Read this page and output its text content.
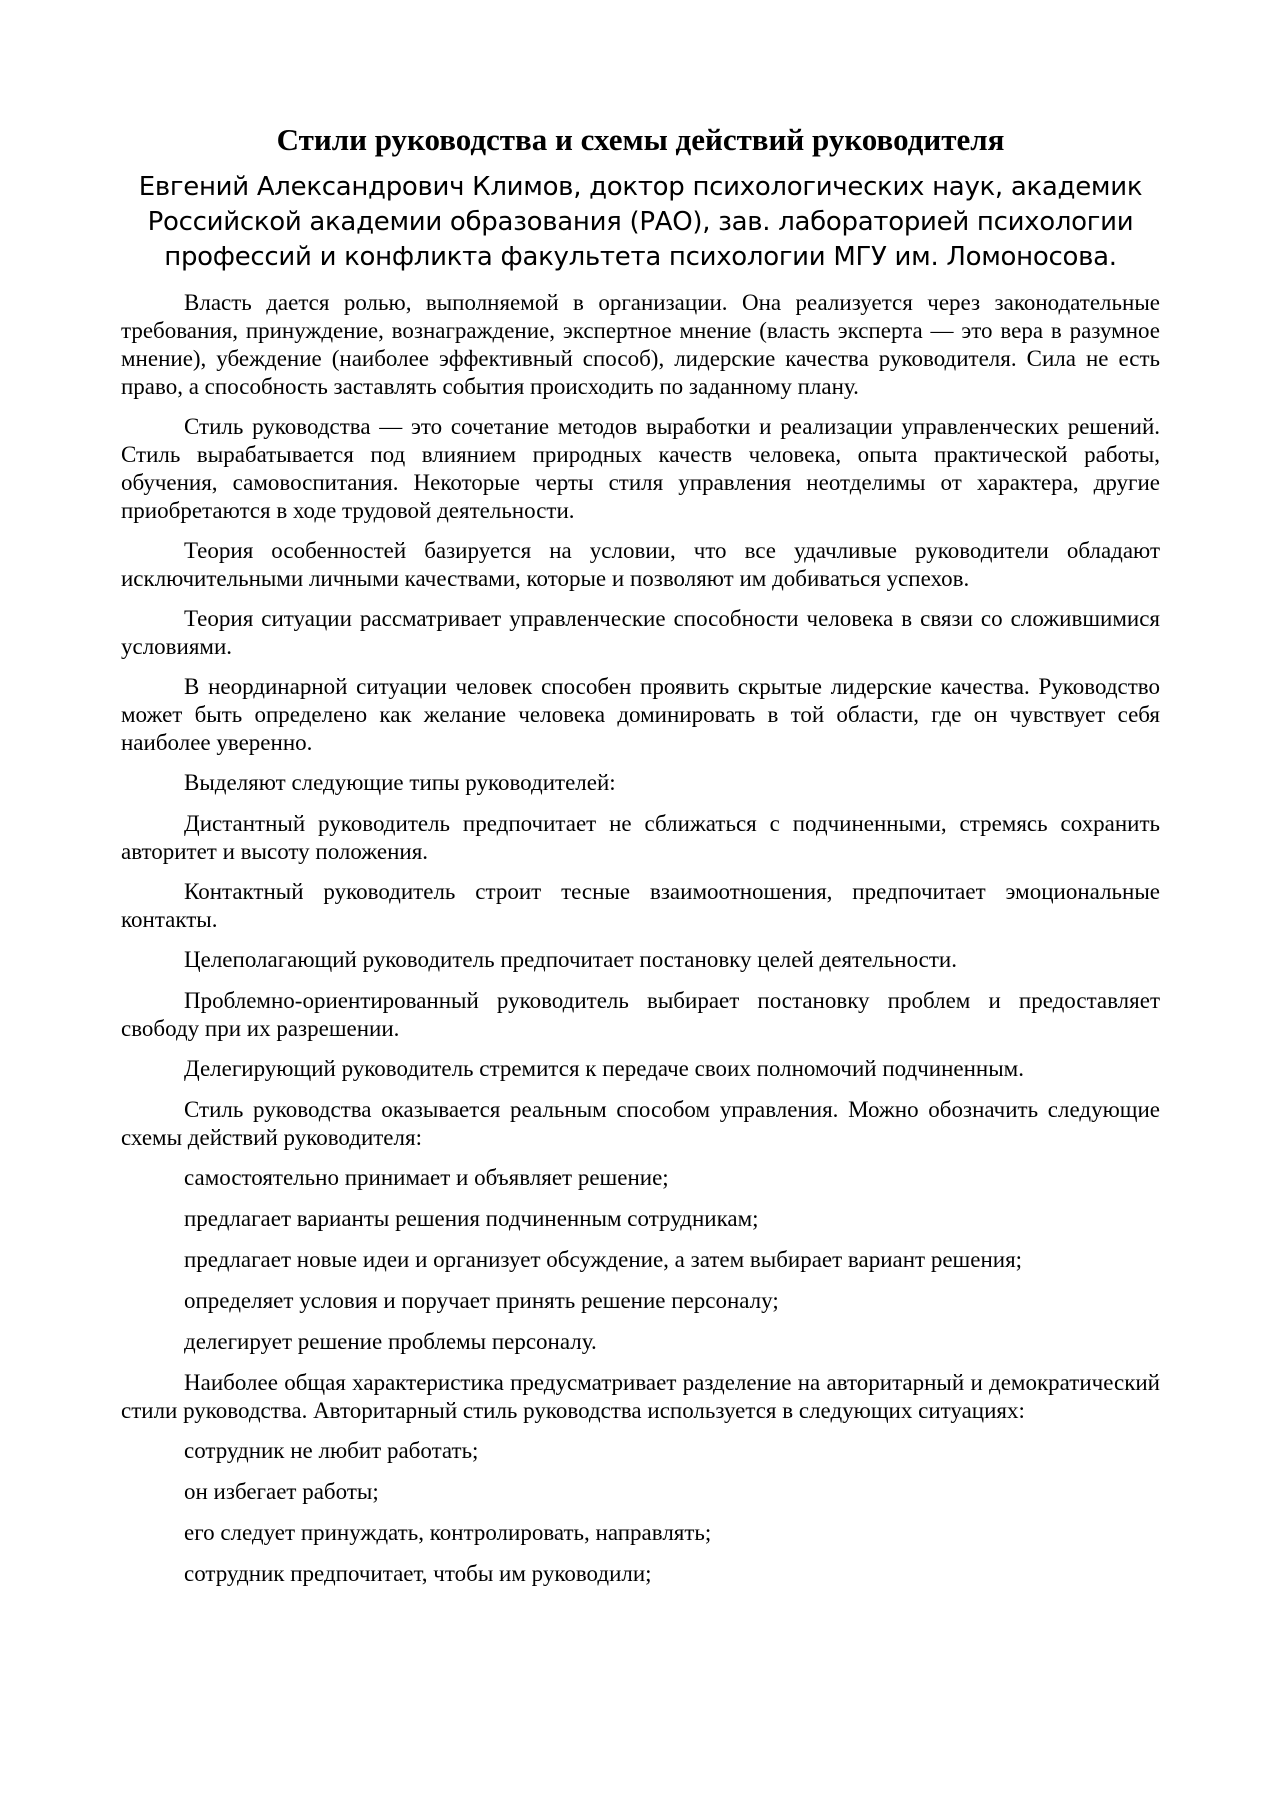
Стили руководства и схемы действий руководителя
Евгений Александрович Климов, доктор психологических наук, академик
Российской академии образования (РАО), зав. лабораторией психологии
профессий и конфликта факультета психологии МГУ им. Ломоносова.

Власть дается ролью, выполняемой в организации. Она реализуется через законодательные требования, принуждение, вознаграждение, экспертное мнение (власть эксперта — это вера в разумное мнение), убеждение (наиболее эффективный способ), лидерские качества руководителя. Сила не есть право, а способность заставлять события происходить по заданному плану.

Стиль руководства — это сочетание методов выработки и реализации управленческих решений. Стиль вырабатывается под влиянием природных качеств человека, опыта практической работы, обучения, самовоспитания. Некоторые черты стиля управления неотделимы от характера, другие приобретаются в ходе трудовой деятельности.

Теория особенностей базируется на условии, что все удачливые руководители обладают исключительными личными качествами, которые и позволяют им добиваться успехов.

Теория ситуации рассматривает управленческие способности человека в связи со сложившимися условиями.

В неординарной ситуации человек способен проявить скрытые лидерские качества. Руководство может быть определено как желание человека доминировать в той области, где он чувствует себя наиболее уверенно.

Выделяют следующие типы руководителей:

Дистантный руководитель предпочитает не сближаться с подчиненными, стремясь сохранить авторитет и высоту положения.

Контактный руководитель строит тесные взаимоотношения, предпочитает эмоциональные контакты.

Целеполагающий руководитель предпочитает постановку целей деятельности.

Проблемно-ориентированный руководитель выбирает постановку проблем и предоставляет свободу при их разрешении.

Делегирующий руководитель стремится к передаче своих полномочий подчиненным.

Стиль руководства оказывается реальным способом управления. Можно обозначить следующие схемы действий руководителя:

самостоятельно принимает и объявляет решение;

предлагает варианты решения подчиненным сотрудникам;

предлагает новые идеи и организует обсуждение, а затем выбирает вариант решения;

определяет условия и поручает принять решение персоналу;

делегирует решение проблемы персоналу.

Наиболее общая характеристика предусматривает разделение на авторитарный и демократический стили руководства. Авторитарный стиль руководства используется в следующих ситуациях:

сотрудник не любит работать;

он избегает работы;

его следует принуждать, контролировать, направлять;

сотрудник предпочитает, чтобы им руководили;
